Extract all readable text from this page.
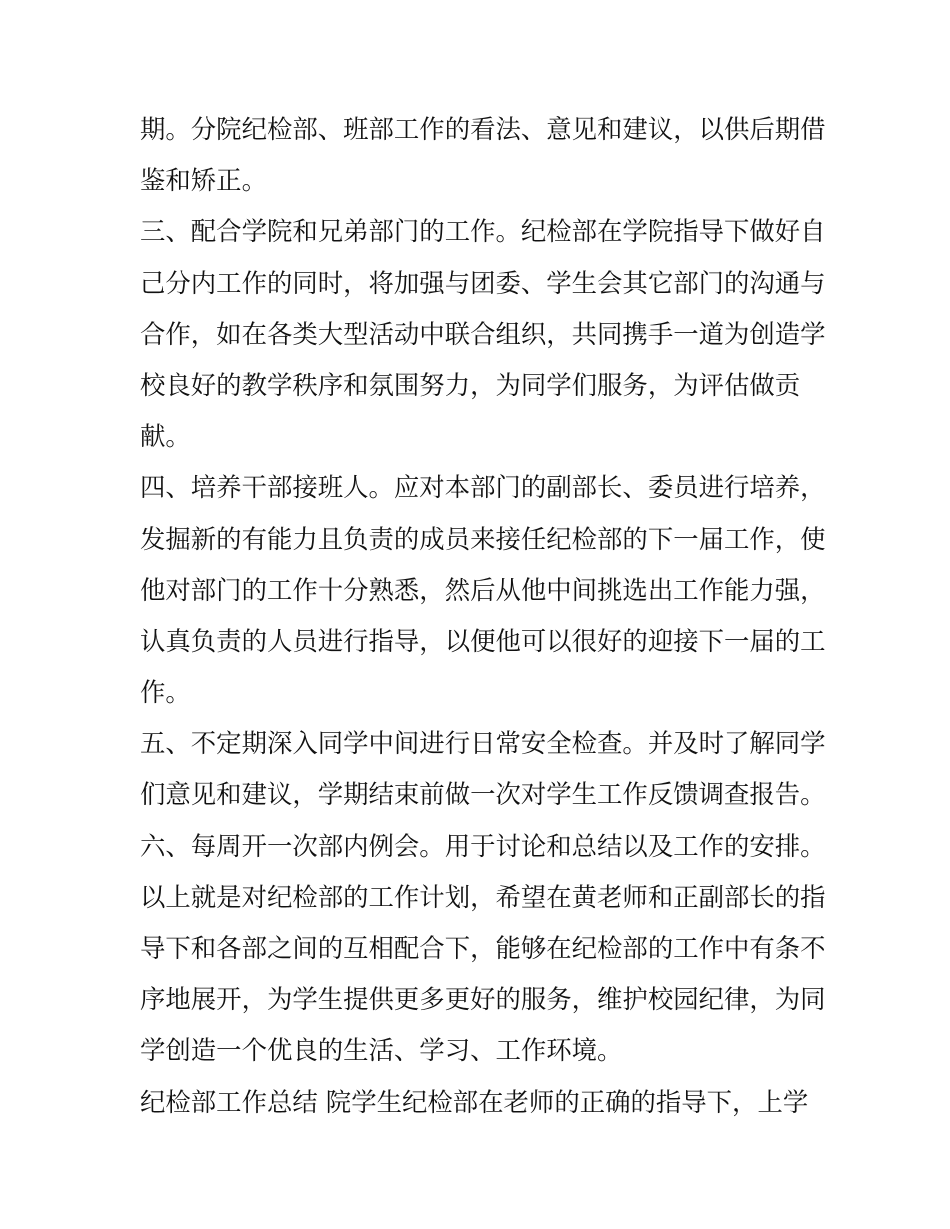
期。分院纪检部、班部工作的看法、意见和建议，以供后期借
鉴和矫正。
三、配合学院和兄弟部门的工作。纪检部在学院指导下做好自
己分内工作的同时，将加强与团委、学生会其它部门的沟通与
合作，如在各类大型活动中联合组织，共同携手一道为创造学
校良好的教学秩序和氛围努力，为同学们服务，为评估做贡
献。
四、培养干部接班人。应对本部门的副部长、委员进行培养，
发掘新的有能力且负责的成员来接任纪检部的下一届工作，使
他对部门的工作十分熟悉，然后从他中间挑选出工作能力强，
认真负责的人员进行指导，以便他可以很好的迎接下一届的工
作。
五、不定期深入同学中间进行日常安全检查。并及时了解同学
们意见和建议，学期结束前做一次对学生工作反馈调查报告。
六、每周开一次部内例会。用于讨论和总结以及工作的安排。
以上就是对纪检部的工作计划，希望在黄老师和正副部长的指
导下和各部之间的互相配合下，能够在纪检部的工作中有条不
序地展开，为学生提供更多更好的服务，维护校园纪律，为同
学创造一个优良的生活、学习、工作环境。
纪检部工作总结 院学生纪检部在老师的正确的指导下，上学
